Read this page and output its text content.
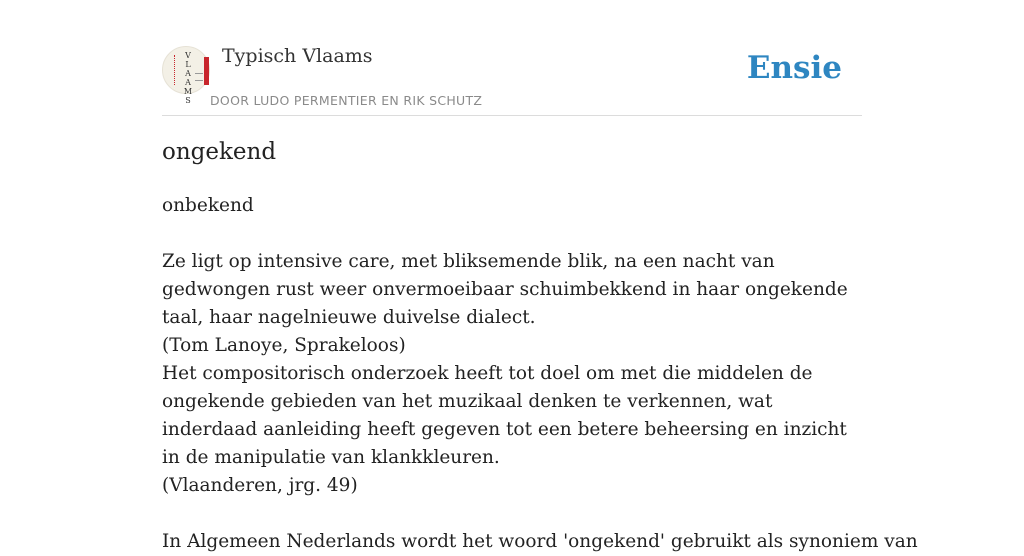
V
L
A
A
M
S
Typisch Vlaams
DOOR LUDO PERMENTIER EN RIK SCHUTZ
Ensie
ongekend

onbekend

Ze ligt op intensive care, met bliksemende blik, na een nacht van gedwongen rust weer onvermoeibaar schuimbekkend in haar ongekende taal, haar nagelnieuwe duivelse dialect.

(Tom Lanoye, Sprakeloos)

Het compositorisch onderzoek heeft tot doel om met die middelen de ongekende gebieden van het muzikaal denken te verkennen, wat inderdaad aanleiding heeft gegeven tot een betere beheersing en inzicht in de manipulatie van klankkleuren.

(Vlaanderen, jrg. 49)

In Algemeen Nederlands wordt het woord 'ongekend' gebruikt als synoniem van
